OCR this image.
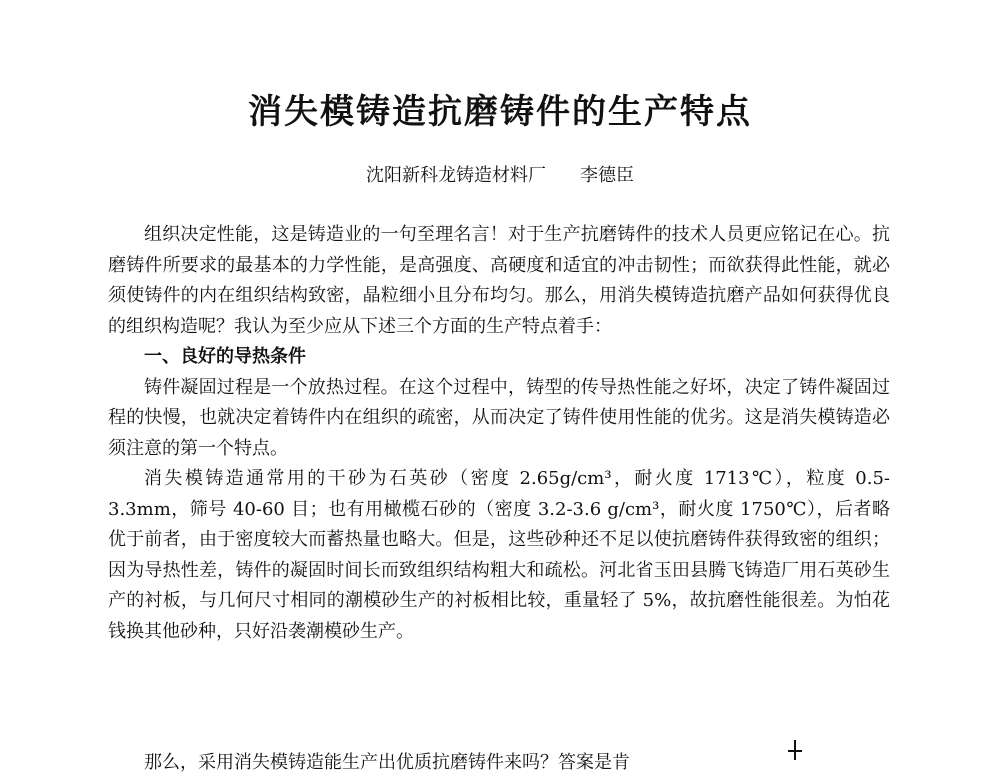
消失模铸造抗磨铸件的生产特点
沈阳新科龙铸造材料厂 李德臣

组织决定性能，这是铸造业的一句至理名言！对于生产抗磨铸件的技术人员更应铭记在心。抗磨铸件所要求的最基本的力学性能，是高强度、高硬度和适宜的冲击韧性；而欲获得此性能，就必须使铸件的内在组织结构致密，晶粒细小且分布均匀。那么，用消失模铸造抗磨产品如何获得优良的组织构造呢？我认为至少应从下述三个方面的生产特点着手：

一、良好的导热条件

铸件凝固过程是一个放热过程。在这个过程中，铸型的传导热性能之好坏，决定了铸件凝固过程的快慢，也就决定着铸件内在组织的疏密，从而决定了铸件使用性能的优劣。这是消失模铸造必须注意的第一个特点。

消失模铸造通常用的干砂为石英砂（密度 2.65g/cm³，耐火度 1713℃），粒度 0.5-3.3mm，筛号 40-60 目；也有用橄榄石砂的（密度 3.2-3.6 g/cm³，耐火度 1750℃），后者略优于前者，由于密度较大而蓄热量也略大。但是，这些砂种还不足以使抗磨铸件获得致密的组织；因为导热性差，铸件的凝固时间长而致组织结构粗大和疏松。河北省玉田县腾飞铸造厂用石英砂生产的衬板，与几何尺寸相同的潮模砂生产的衬板相比较，重量轻了 5%，故抗磨性能很差。为怕花钱换其他砂种，只好沿袭潮模砂生产。

那么，采用消失模铸造能生产出优质抗磨铸件来吗？答案是肯
